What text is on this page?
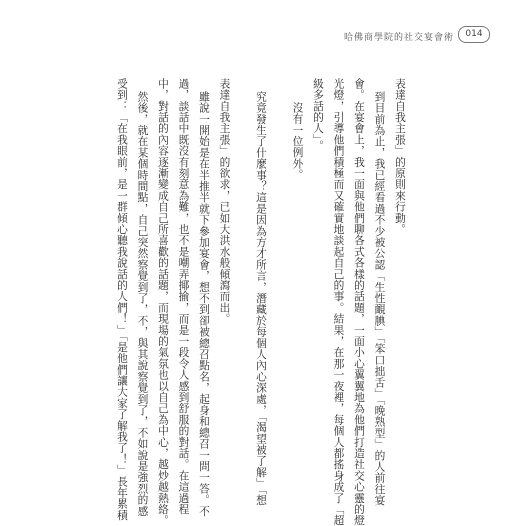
哈佛商學院的社交宴會術	014

表達自我主張」的原則來行動。

到目前為止，我已經看過不少被公認「生性靦腆」「笨口拙舌」「晚熟型」的人前往宴

會。在宴會上，我一面與他們聊各式各樣的話題，一面小心翼翼地為他們打造社交心靈的燈

光燈，引導他們積極而又確實地談起自己的事。結果，在那一夜裡，每個人都搖身成了「超

級多話的人」。

沒有一位例外。

究竟發生了什麼事？這是因為方才所言，潛藏於每個人內心深處，「渴望被了解」「想

表達自我主張」的欲求，已如大洪水般傾瀉而出。

雖說一開始是在半推半就下參加宴會，想不到卻被總召點名，起身和總召一問一答。不

過，談話中既沒有刻意為難，也不是嘲弄揶揄，而是一段令人感到舒服的對話。在這過程

中，對話的內容逐漸變成自己所喜歡的話題，而現場的氣氛也以自己為中心，越炒越熱絡。

然後，就在某個時間點，自己突然察覺到了，不，與其說察覺到了，不如說是強烈的感

受到：「在我眼前，是一群傾心聽我說話的人們！」「是他們讓大家了解我了！」長年累積
